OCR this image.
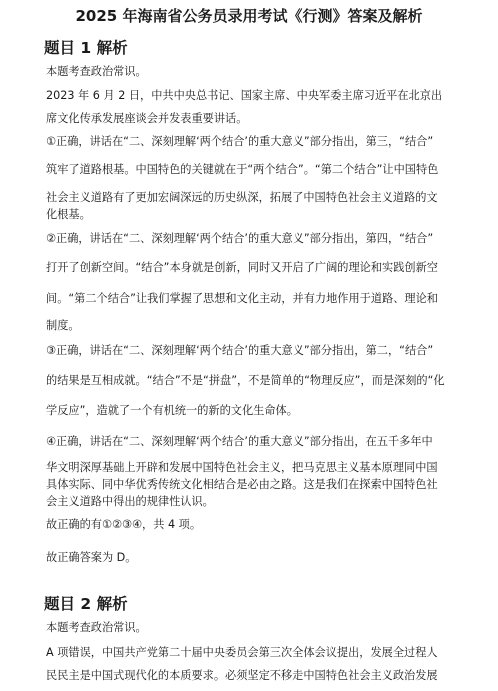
2025 年海南省公务员录用考试《行测》答案及解析
题目 1 解析
本题考查政治常识。
2023 年 6 月 2 日，中共中央总书记、国家主席、中央军委主席习近平在北京出
席文化传承发展座谈会并发表重要讲话。
①正确，讲话在“二、深刻理解‘两个结合’的重大意义”部分指出，第三，“结合”
筑牢了道路根基。中国特色的关键就在于“两个结合”。“第二个结合”让中国特色
社会主义道路有了更加宏阔深远的历史纵深，拓展了中国特色社会主义道路的文
化根基。
②正确，讲话在“二、深刻理解‘两个结合’的重大意义”部分指出，第四，“结合”
打开了创新空间。“结合”本身就是创新，同时又开启了广阔的理论和实践创新空
间。“第二个结合”让我们掌握了思想和文化主动，并有力地作用于道路、理论和
制度。
③正确，讲话在“二、深刻理解‘两个结合’的重大意义”部分指出，第二，“结合”
的结果是互相成就。“结合”不是“拼盘”，不是简单的“物理反应”，而是深刻的“化
学反应”，造就了一个有机统一的新的文化生命体。
④正确，讲话在“二、深刻理解‘两个结合’的重大意义”部分指出，在五千多年中
华文明深厚基础上开辟和发展中国特色社会主义，把马克思主义基本原理同中国
具体实际、同中华优秀传统文化相结合是必由之路。这是我们在探索中国特色社
会主义道路中得出的规律性认识。
故正确的有①②③④，共 4 项。
故正确答案为 D。
题目 2 解析
本题考查政治常识。
A 项错误，中国共产党第二十届中央委员会第三次全体会议提出，发展全过程人
民民主是中国式现代化的本质要求。必须坚定不移走中国特色社会主义政治发展
